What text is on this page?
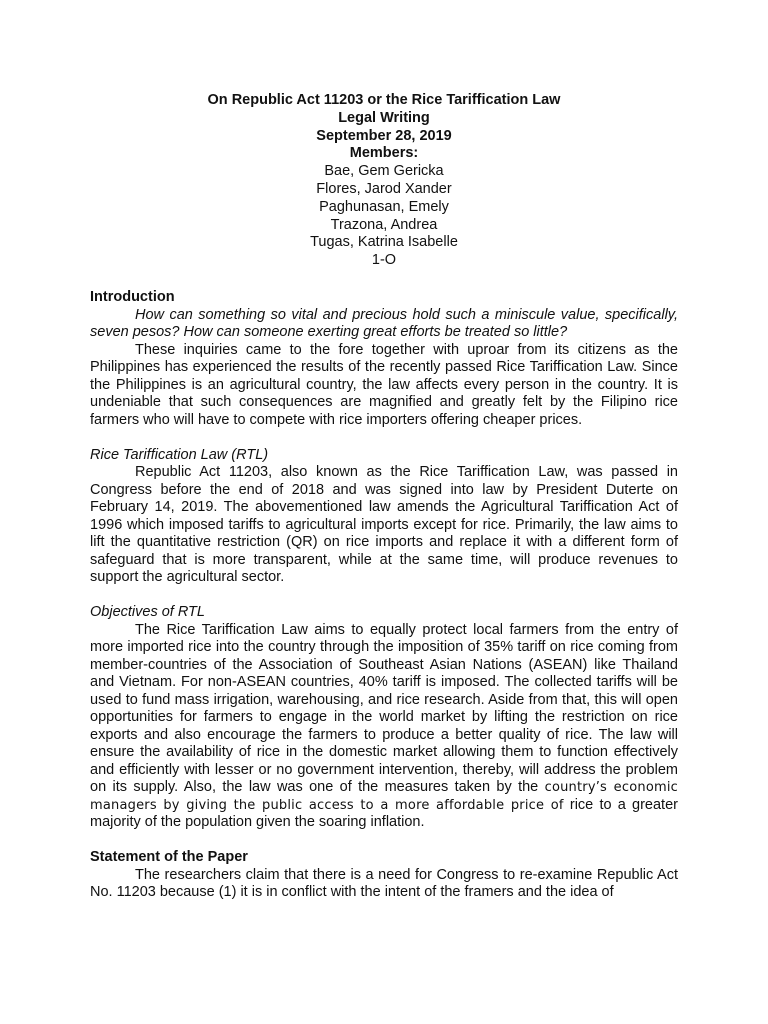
On Republic Act 11203 or the Rice Tariffication Law
Legal Writing
September 28, 2019
Members:
Bae, Gem Gericka
Flores, Jarod Xander
Paghunasan, Emely
Trazona, Andrea
Tugas, Katrina Isabelle
1-O
Introduction

How can something so vital and precious hold such a miniscule value, specifically, seven pesos? How can someone exerting great efforts be treated so little?

These inquiries came to the fore together with uproar from its citizens as the Philippines has experienced the results of the recently passed Rice Tariffication Law. Since the Philippines is an agricultural country, the law affects every person in the country. It is undeniable that such consequences are magnified and greatly felt by the Filipino rice farmers who will have to compete with rice importers offering cheaper prices.

Rice Tariffication Law (RTL)

Republic Act 11203, also known as the Rice Tariffication Law, was passed in Congress before the end of 2018 and was signed into law by President Duterte on February 14, 2019. The abovementioned law amends the Agricultural Tariffication Act of 1996 which imposed tariffs to agricultural imports except for rice. Primarily, the law aims to lift the quantitative restriction (QR) on rice imports and replace it with a different form of safeguard that is more transparent, while at the same time, will produce revenues to support the agricultural sector.

Objectives of RTL

The Rice Tariffication Law aims to equally protect local farmers from the entry of more imported rice into the country through the imposition of 35% tariff on rice coming from member-countries of the Association of Southeast Asian Nations (ASEAN) like Thailand and Vietnam. For non-ASEAN countries, 40% tariff is imposed. The collected tariffs will be used to fund mass irrigation, warehousing, and rice research. Aside from that, this will open opportunities for farmers to engage in the world market by lifting the restriction on rice exports and also encourage the farmers to produce a better quality of rice. The law will ensure the availability of rice in the domestic market allowing them to function effectively and efficiently with lesser or no government intervention, thereby, will address the problem on its supply. Also, the law was one of the measures taken by the country’s economic managers by giving the public access to a more affordable price of rice to a greater majority of the population given the soaring inflation.

Statement of the Paper

The researchers claim that there is a need for Congress to re-examine Republic Act No. 11203 because (1) it is in conflict with the intent of the framers and the idea of
